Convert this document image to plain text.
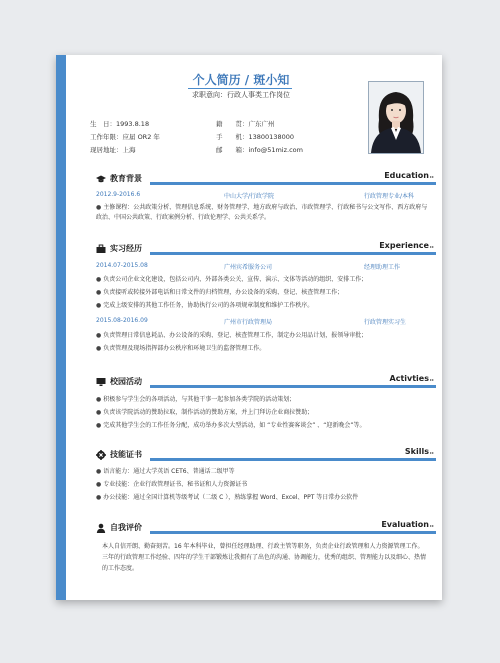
个人简历 / 斑小知
求职意向：行政人事类工作岗位
生　日：1993.8.18	籍　　贯：广东广州
工作年限：应届 OR2 年	手　　机：13800138000
现居地址：上海	邮　　箱：info@51miz.com
教育背景	Education ▸▸
2012.9-2016.6	中山大学/行政学院	行政管理专业/本科
● 主修课程：公共政策分析、管理信息系统、财务管理学、地方政府与政治、市政管理学、行政秘书与公文写作、西方政府与政治、中国公共政策、行政案例分析、行政伦理学、公共关系学。
实习经历	Experience ▸▸
2014.07-2015.08	广州宾希服务公司	经理助理工作
● 负责公司企业文化建设，包括公司内、外部各类公关、宣传、演示、文体等活动的组织、安排工作；
● 负责接听或转接外部电话和日常文件的归档管理，办公设备的采购、登记、核查管理工作；
● 完成上级安排的其他工作任务，协助执行公司的各项规章制度和维护工作秩序。
2015.08-2016.09	广州市行政管理局	行政管理实习生
● 负责管理日常信息耗品、办公设备的采购、登记、核查管理工作，制定办公用品计划，报领导审批；
● 负责管理及现场指挥部办公秩序和环境卫生的监督管理工作。
校园活动	Activties ▸▸
● 积极参与学生会的各项活动，与其他干事一起参加各类学院的活动策划；
● 负责该学院活动的赞助拉取，制作活动的赞助方案，并上门拜访企业商拉赞助；
● 完成其他学生会的工作任务分配，成功举办多次大型活动，如 “专业性赛客谈会” 、“迎新晚会”等。
技能证书	Skills ▸▸
● 语言能力：通过大学英语 CET6、普通话二级甲等
● 专业技能：企业行政管理证书、秘书证和人力资源证书
● 办公技能：通过全国计算机等级考试（二级 C ），熟练掌握 Word、Excel、PPT 等日常办公软件
自我评价	Evaluation ▸▸
本人自信开朗、勤奋刻苦。16 年本科毕业，曾担任经理助理、行政主管等职务，负责企业行政管理和人力资源管理工作。三年的行政管理工作经验、四年的学生干部锻炼让我拥有了出色的沟通、协调能力，优秀的组织、管理能力以及细心、热情的工作态度。
